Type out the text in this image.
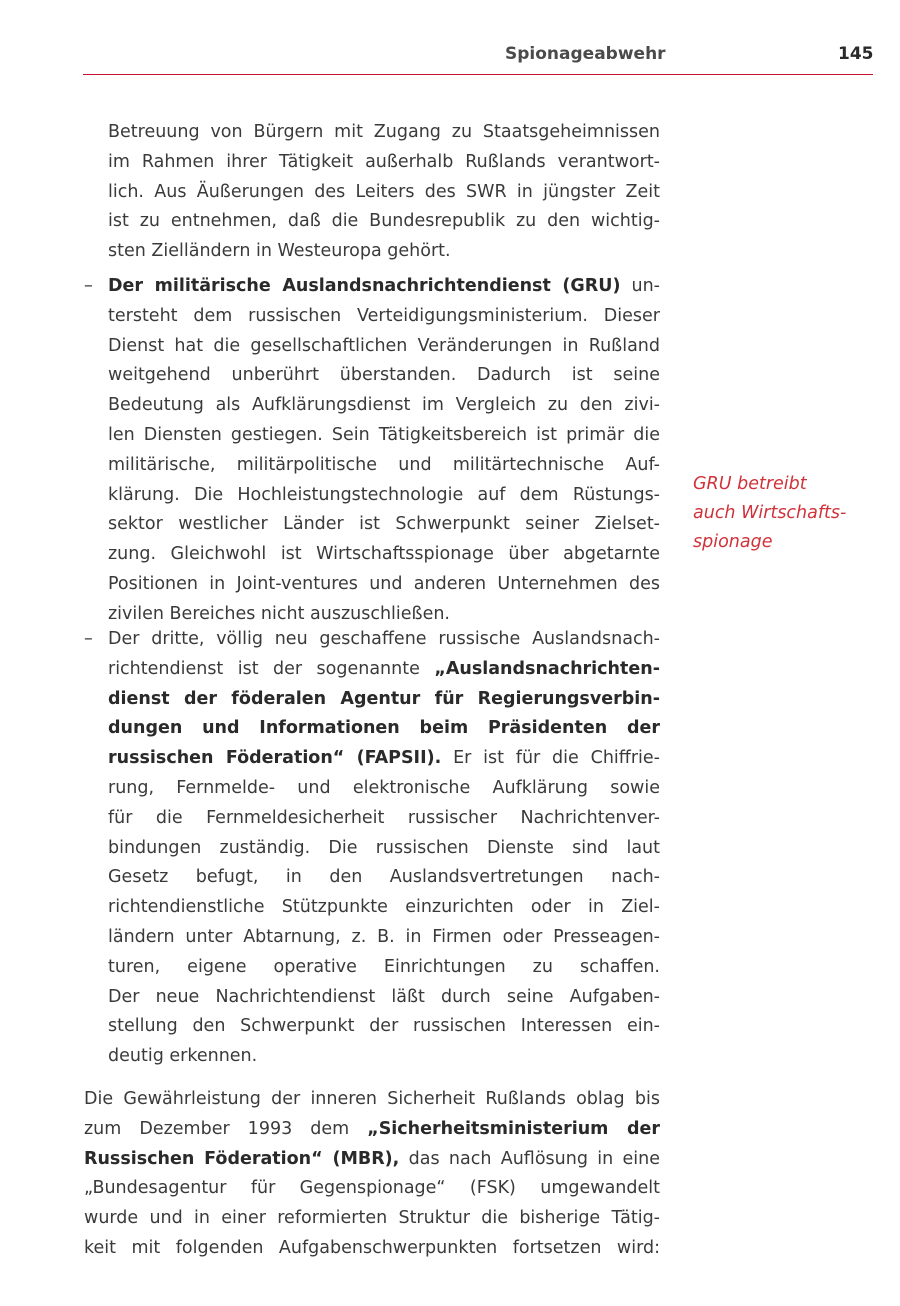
Spionageabwehr	145
Betreuung von Bürgern mit Zugang zu Staatsgeheimnissen
im Rahmen ihrer Tätigkeit außerhalb Rußlands verantwort-
lich. Aus Äußerungen des Leiters des SWR in jüngster Zeit
ist zu entnehmen, daß die Bundesrepublik zu den wichtig-
sten Zielländern in Westeuropa gehört.
– Der militärische Auslandsnachrichtendienst (GRU) un-
tersteht dem russischen Verteidigungsministerium. Dieser
Dienst hat die gesellschaftlichen Veränderungen in Rußland
weitgehend unberührt überstanden. Dadurch ist seine
Bedeutung als Aufklärungsdienst im Vergleich zu den zivi-
len Diensten gestiegen. Sein Tätigkeitsbereich ist primär die
militärische, militärpolitische und militärtechnische Auf-
klärung. Die Hochleistungstechnologie auf dem Rüstungs-
sektor westlicher Länder ist Schwerpunkt seiner Zielset-
zung. Gleichwohl ist Wirtschaftsspionage über abgetarnte
Positionen in Joint-ventures und anderen Unternehmen des
zivilen Bereiches nicht auszuschließen.
GRU betreibt
auch Wirtschafts-
spionage
– Der dritte, völlig neu geschaffene russische Auslandsnach-
richtendienst ist der sogenannte „Auslandsnachrichten-
dienst der föderalen Agentur für Regierungsverbin-
dungen und Informationen beim Präsidenten der
russischen Föderation“ (FAPSII). Er ist für die Chiffrie-
rung, Fernmelde- und elektronische Aufklärung sowie
für die Fernmeldesicherheit russischer Nachrichtenver-
bindungen zuständig. Die russischen Dienste sind laut
Gesetz befugt, in den Auslandsvertretungen nach-
richtendienstliche Stützpunkte einzurichten oder in Ziel-
ländern unter Abtarnung, z. B. in Firmen oder Presseagen-
turen, eigene operative Einrichtungen zu schaffen.
Der neue Nachrichtendienst läßt durch seine Aufgaben-
stellung den Schwerpunkt der russischen Interessen ein-
deutig erkennen.
Die Gewährleistung der inneren Sicherheit Rußlands oblag bis
zum Dezember 1993 dem „Sicherheitsministerium der
Russischen Föderation“ (MBR), das nach Auflösung in eine
„Bundesagentur für Gegenspionage“ (FSK) umgewandelt
wurde und in einer reformierten Struktur die bisherige Tätig-
keit mit folgenden Aufgabenschwerpunkten fortsetzen wird:
